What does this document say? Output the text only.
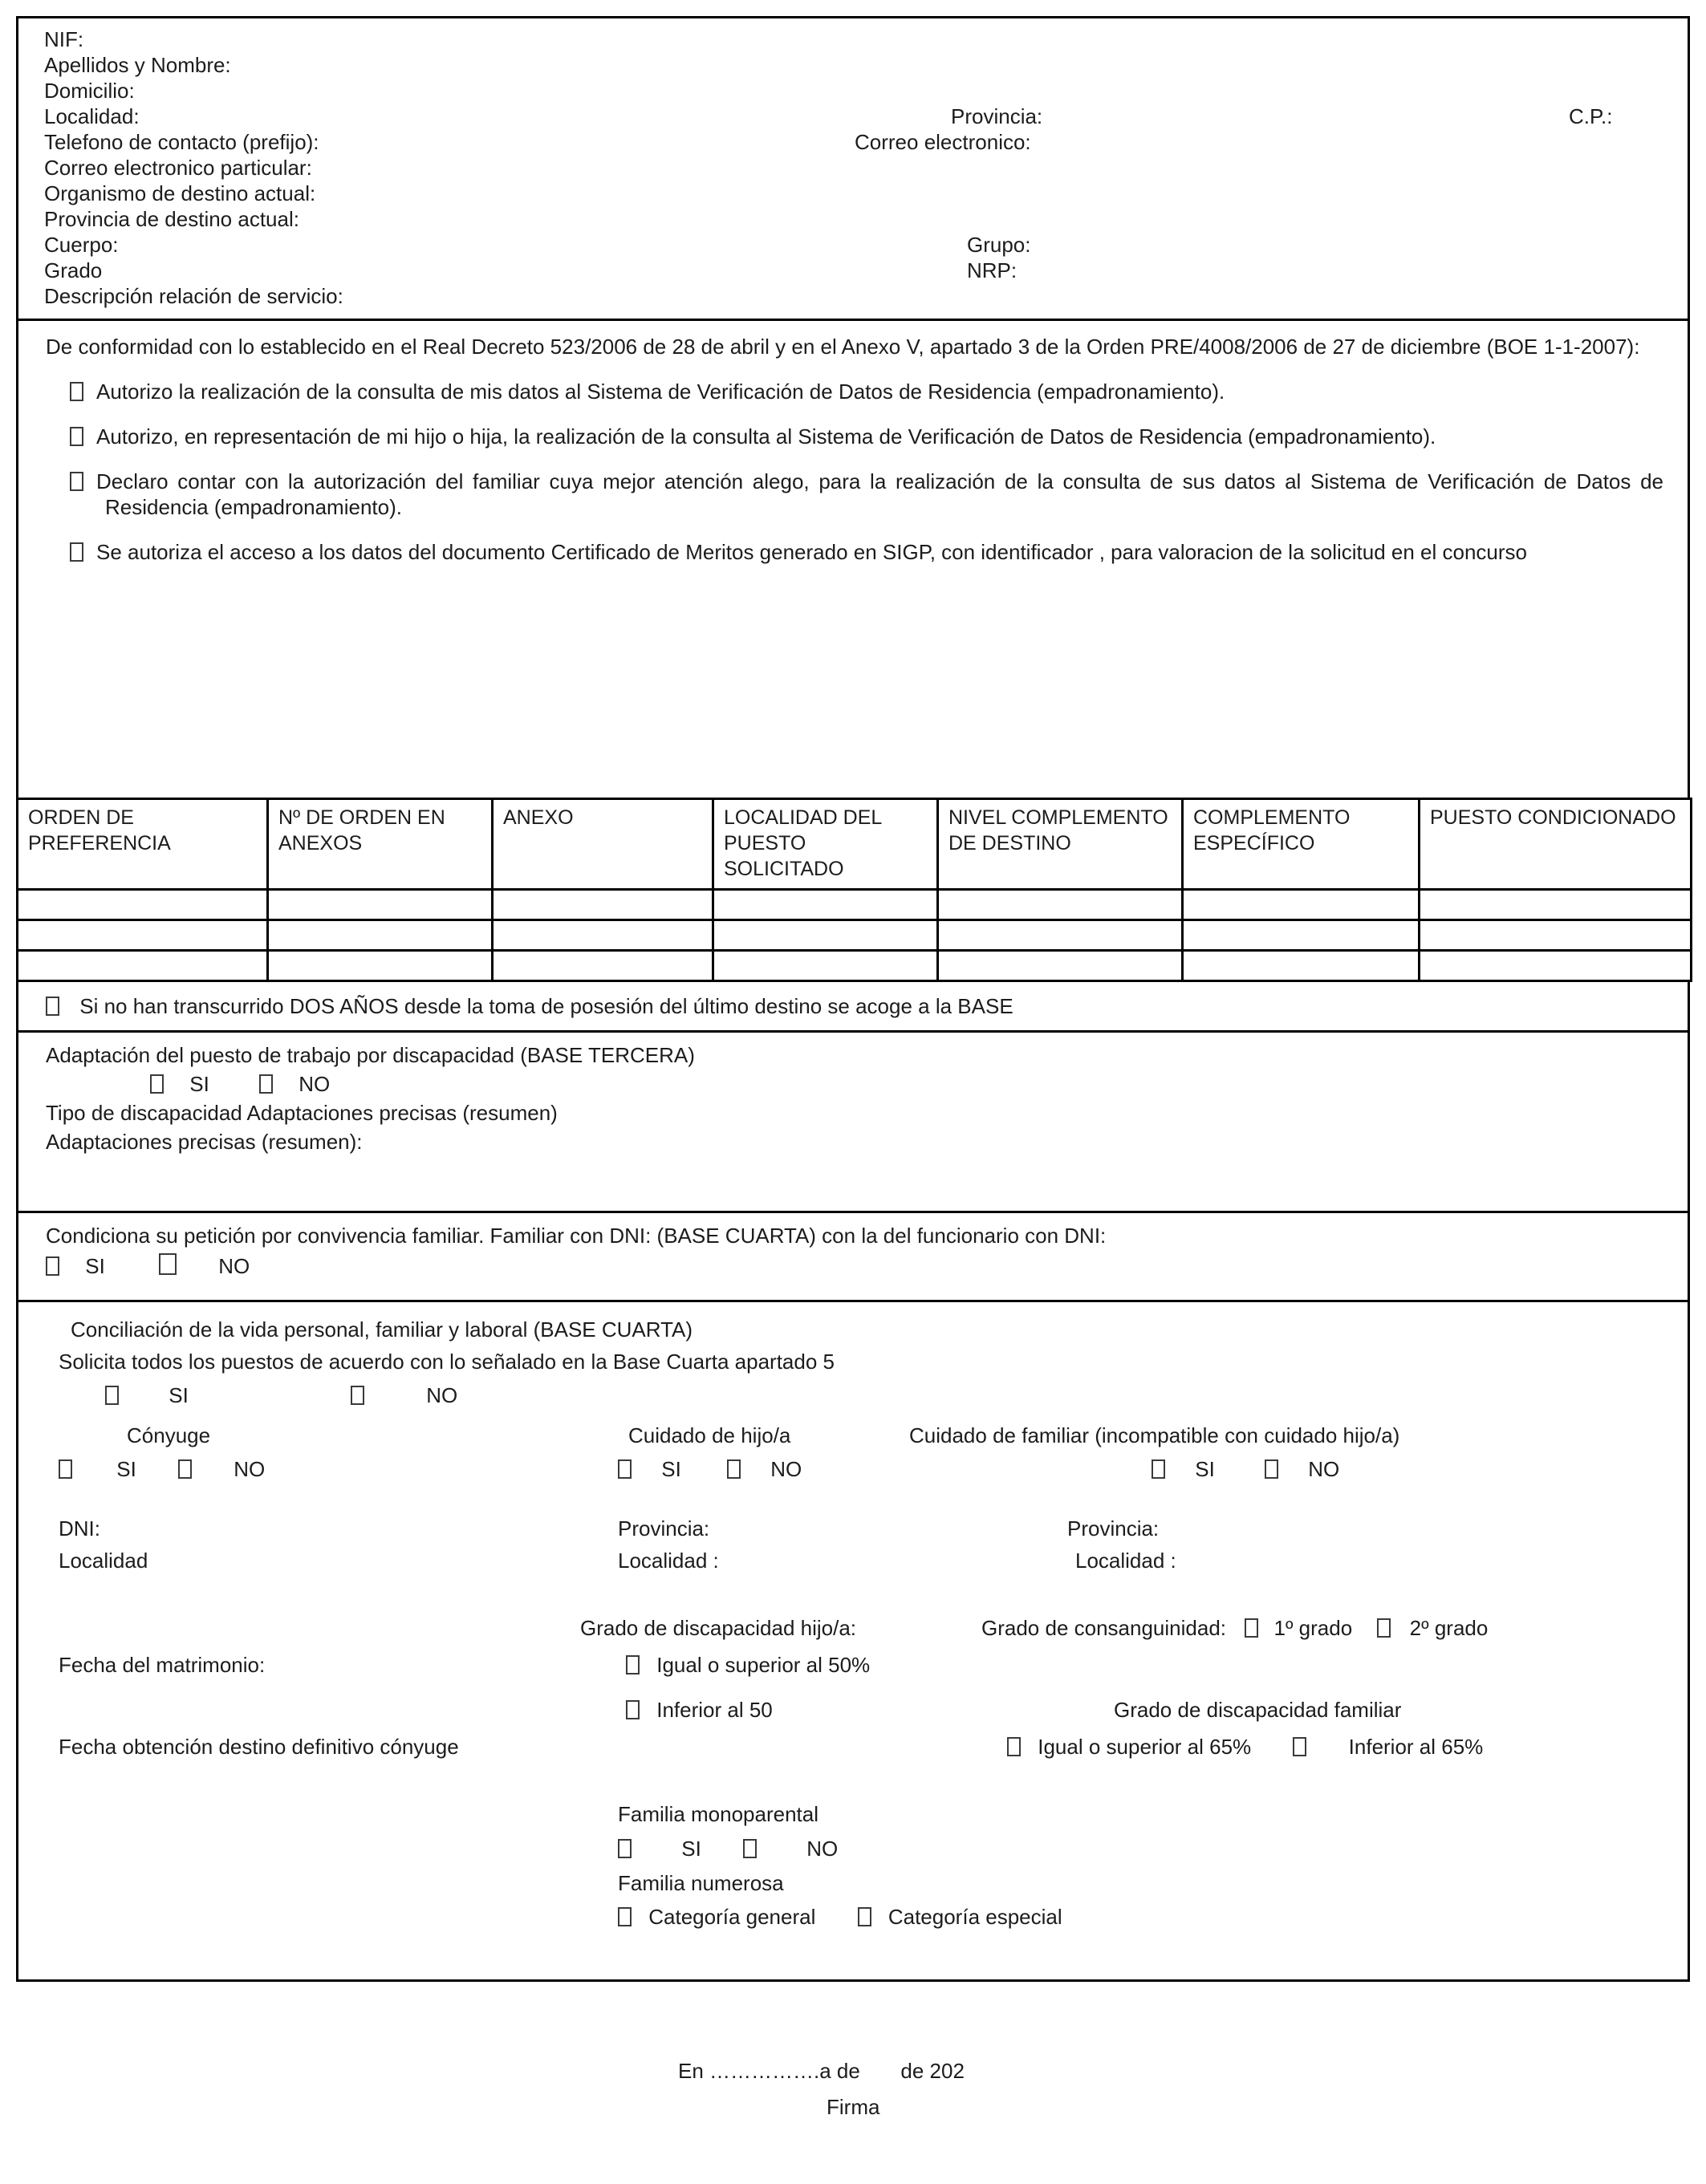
NIF:
Apellidos y Nombre:
Domicilio:
Localidad:	Provincia:	C.P.:
Telefono de contacto (prefijo):	Correo electronico:
Correo electronico particular:
Organismo de destino actual:
Provincia de destino actual:
Cuerpo:	Grupo:
Grado	NRP:
Descripción relación de servicio:
De conformidad con lo establecido en el Real Decreto 523/2006 de 28 de abril y en el Anexo V, apartado 3 de la Orden PRE/4008/2006 de 27 de diciembre (BOE 1-1-2007):
Autorizo la realización de la consulta de mis datos al Sistema de Verificación de Datos de Residencia (empadronamiento).
Autorizo, en representación de mi hijo o hija, la realización de la consulta al Sistema de Verificación de Datos de Residencia (empadronamiento).
Declaro contar con la autorización del familiar cuya mejor atención alego, para la realización de la consulta de sus datos al Sistema de Verificación de Datos de Residencia (empadronamiento).
Se autoriza el acceso a los datos del documento Certificado de Meritos generado en SIGP, con identificador , para valoracion de la solicitud en el concurso
ORDEN DE PREFERENCIA	Nº DE ORDEN EN ANEXOS	ANEXO	LOCALIDAD DEL PUESTO SOLICITADO	NIVEL COMPLEMENTO DE DESTINO	COMPLEMENTO ESPECÍFICO	PUESTO CONDICIONADO

Si no han transcurrido DOS AÑOS desde la toma de posesión del último destino se acoge a la BASE
Adaptación del puesto de trabajo por discapacidad (BASE TERCERA)
SI	NO
Tipo de discapacidad Adaptaciones precisas (resumen)
Adaptaciones precisas (resumen):
Condiciona su petición por convivencia familiar. Familiar con DNI: (BASE CUARTA) con la del funcionario con DNI:
SI	NO
Conciliación de la vida personal, familiar y laboral (BASE CUARTA)
Solicita todos los puestos de acuerdo con lo señalado en la Base Cuarta apartado 5
SI	NO
Cónyuge	Cuidado de hijo/a	Cuidado de familiar (incompatible con cuidado hijo/a)
SI	NO	SI	NO	SI	NO
DNI:	Provincia:	Provincia:
Localidad	Localidad :	Localidad :
Grado de discapacidad hijo/a:	Grado de consanguinidad: 1º grado	2º grado
Fecha del matrimonio:	Igual o superior al 50%
Inferior al 50	Grado de discapacidad familiar
Fecha obtención destino definitivo cónyuge	Igual o superior al 65%	Inferior al 65%
Familia monoparental
SI	NO
Familia numerosa
Categoría general	Categoría especial
En …………….a de       de 202
Firma
